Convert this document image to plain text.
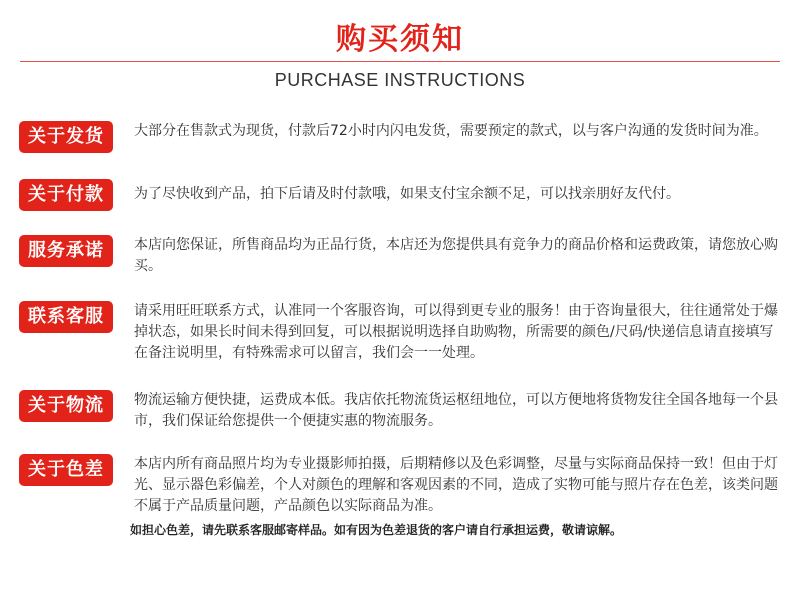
购买须知
PURCHASE INSTRUCTIONS
关于发货	大部分在售款式为现货，付款后72小时内闪电发货，需要预定的款式，以与客户沟通的发货时间为准。
关于付款	为了尽快收到产品，拍下后请及时付款哦，如果支付宝余额不足，可以找亲朋好友代付。
服务承诺	本店向您保证，所售商品均为正品行货，本店还为您提供具有竞争力的商品价格和运费政策，请您放心购买。
联系客服	请采用旺旺联系方式，认准同一个客服咨询，可以得到更专业的服务！由于咨询量很大，往往通常处于爆掉状态，如果长时间未得到回复，可以根据说明选择自助购物，所需要的颜色/尺码/快递信息请直接填写在备注说明里，有特殊需求可以留言，我们会一一处理。
关于物流	物流运输方便快捷，运费成本低。我店依托物流货运枢纽地位，可以方便地将货物发往全国各地每一个县市，我们保证给您提供一个便捷实惠的物流服务。
关于色差	本店内所有商品照片均为专业摄影师拍摄，后期精修以及色彩调整，尽量与实际商品保持一致！但由于灯光、显示器色彩偏差，个人对颜色的理解和客观因素的不同，造成了实物可能与照片存在色差，该类问题不属于产品质量问题，产品颜色以实际商品为准。
如担心色差，请先联系客服邮寄样品。如有因为色差退货的客户请自行承担运费，敬请谅解。
